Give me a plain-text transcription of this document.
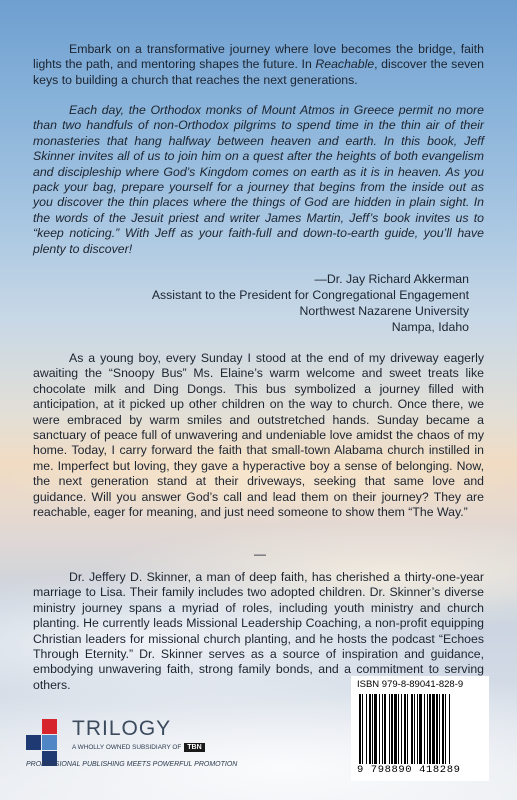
Embark on a transformative journey where love becomes the bridge, faith lights the path, and mentoring shapes the future. In Reachable, discover the seven keys to building a church that reaches the next generations.

Each day, the Orthodox monks of Mount Atmos in Greece permit no more than two handfuls of non-Orthodox pilgrims to spend time in the thin air of their monasteries that hang halfway between heaven and earth. In this book, Jeff Skinner invites all of us to join him on a quest after the heights of both evangelism and discipleship where God’s Kingdom comes on earth as it is in heaven. As you pack your bag, prepare yourself for a journey that begins from the inside out as you discover the thin places where the things of God are hidden in plain sight. In the words of the Jesuit priest and writer James Martin, Jeff’s book invites us to “keep noticing.” With Jeff as your faith-full and down-to-earth guide, you’ll have plenty to discover!

—Dr. Jay Richard Akkerman
Assistant to the President for Congregational Engagement
Northwest Nazarene University
Nampa, Idaho

As a young boy, every Sunday I stood at the end of my driveway eagerly awaiting the “Snoopy Bus” Ms. Elaine’s warm welcome and sweet treats like chocolate milk and Ding Dongs. This bus symbolized a journey filled with anticipation, at it picked up other children on the way to church. Once there, we were embraced by warm smiles and outstretched hands. Sunday became a sanctuary of peace full of unwavering and undeniable love amidst the chaos of my home. Today, I carry forward the faith that small-town Alabama church instilled in me. Imperfect but loving, they gave a hyperactive boy a sense of belonging. Now, the next generation stand at their driveways, seeking that same love and guidance. Will you answer God’s call and lead them on their journey? They are reachable, eager for meaning, and just need someone to show them “The Way.”

—

Dr. Jeffery D. Skinner, a man of deep faith, has cherished a thirty-one-year marriage to Lisa. Their family includes two adopted children. Dr. Skinner’s diverse ministry journey spans a myriad of roles, including youth ministry and church planting. He currently leads Missional Leadership Coaching, a non-profit equipping Christian leaders for missional church planting, and he hosts the podcast “Echoes Through Eternity.” Dr. Skinner serves as a source of inspiration and guidance, embodying unwavering faith, strong family bonds, and a commitment to serving others.

TRILOGY
A WHOLLY OWNED SUBSIDIARY OF TBN
PROFESSIONAL PUBLISHING MEETS POWERFUL PROMOTION
ISBN 979-8-89041-828-9
9 798890 418289
